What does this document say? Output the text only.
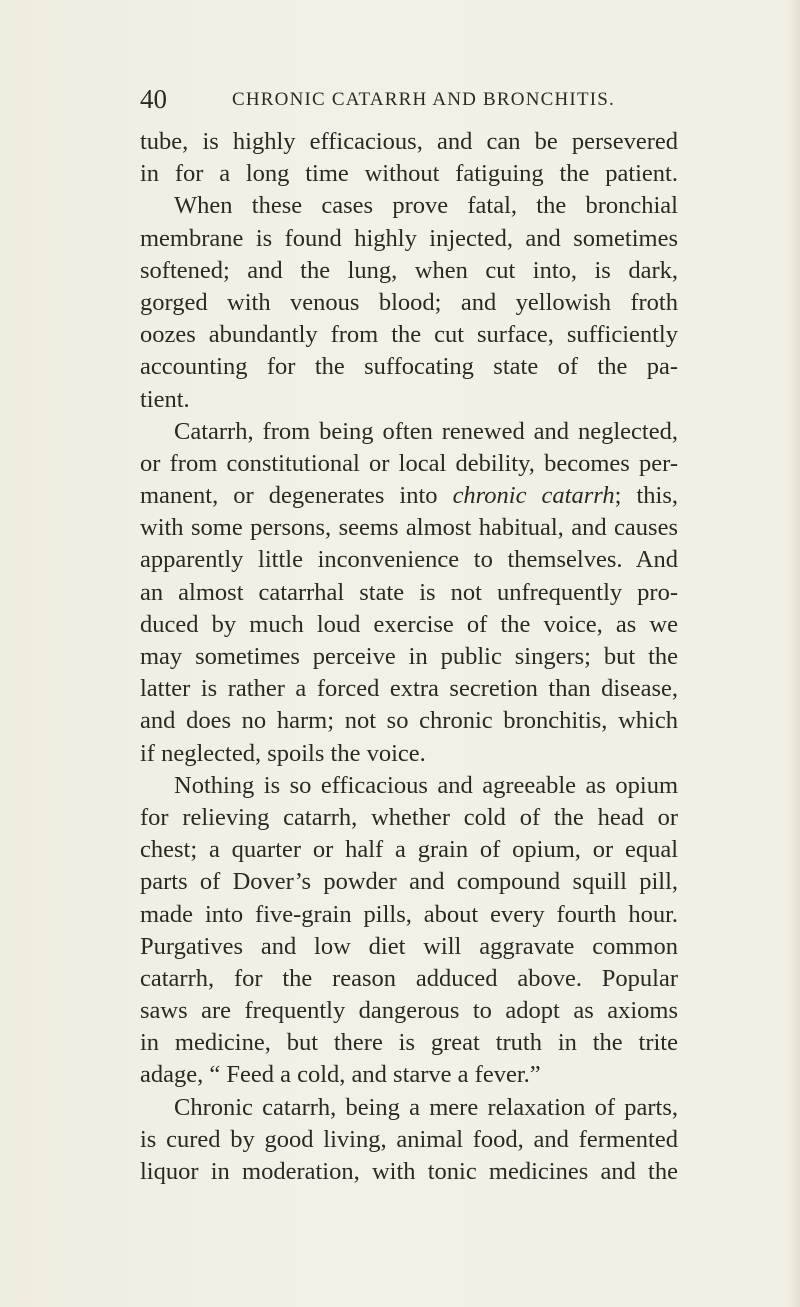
40	CHRONIC CATARRH AND BRONCHITIS.
tube, is highly efficacious, and can be persevered
in for a long time without fatiguing the patient.
When these cases prove fatal, the bronchial
membrane is found highly injected, and sometimes
softened; and the lung, when cut into, is dark,
gorged with venous blood; and yellowish froth
oozes abundantly from the cut surface, sufficiently
accounting for the suffocating state of the pa-
tient.
Catarrh, from being often renewed and neglected,
or from constitutional or local debility, becomes per-
manent, or degenerates into chronic catarrh; this,
with some persons, seems almost habitual, and causes
apparently little inconvenience to themselves. And
an almost catarrhal state is not unfrequently pro-
duced by much loud exercise of the voice, as we
may sometimes perceive in public singers; but the
latter is rather a forced extra secretion than disease,
and does no harm; not so chronic bronchitis, which
if neglected, spoils the voice.
Nothing is so efficacious and agreeable as opium
for relieving catarrh, whether cold of the head or
chest; a quarter or half a grain of opium, or equal
parts of Dover’s powder and compound squill pill,
made into five-grain pills, about every fourth hour.
Purgatives and low diet will aggravate common
catarrh, for the reason adduced above. Popular
saws are frequently dangerous to adopt as axioms
in medicine, but there is great truth in the trite
adage, “ Feed a cold, and starve a fever.”
Chronic catarrh, being a mere relaxation of parts,
is cured by good living, animal food, and fermented
liquor in moderation, with tonic medicines and the
